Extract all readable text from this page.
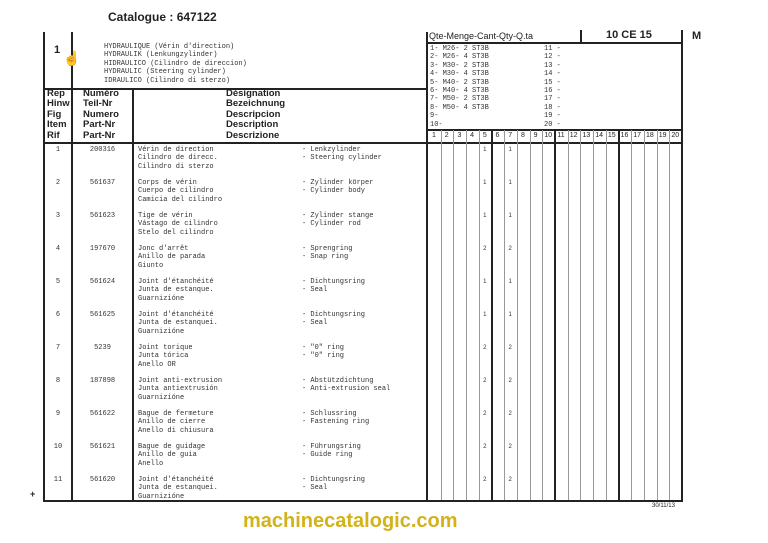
Catalogue : 647122
1 ☝
HYDRAULIQUE (Vérin d'direction)
HYDRAULIK (Lenkungzylinder)
HIDRAULICO (Cilindro de direccion)
HYDRAULIC (Steering cylinder)
IDRAULICO (Cilindro di sterzo)
Rep
Hinw
Fig
Item
Rif
Numéro
Teil-Nr
Numero
Part-Nr
Part-Nr
Désignation
Bezeichnung
Descripcion
Description
Descrizione
Qte-Menge-Cant-Qty-Q.ta	10 CE 15	M
1- M26- 2 ST3B
2- M26- 4 ST3B
3- M30- 2 ST3B
4- M30- 4 ST3B
5- M40- 2 ST3B
6- M40- 4 ST3B
7- M50- 2 ST3B
8- M50- 4 ST3B
9-
10-
11 -
12 -
13 -
14 -
15 -
16 -
17 -
18 -
19 -
20 -
1	2	3	4	5	6	7	8	9 10 11 12 13 14 15 16 17 18 19 20
1	200316	Vérin de direction
Cilindro de direcc.
Cilindro di sterzo
- Lenkzylinder
- Steering cylinder
1	1
2	561637	Corps de vérin
Cuerpo de cilindro
Camicia del cilindro
- Zylinder körper
- Cylinder body
1	1
3	561623	Tige de vérin
Vástago de cilindro
Stelo del cilindro
- Zylinder stange
- Cylinder rod
1	1
4	197670	Jonc d'arrêt
Anillo de parada
Giunto
- Sprengring
- Snap ring
2	2
5	561624	Joint d'étanchéité
Junta de estanque.
Guarnizióne
- Dichtungsring
- Seal
1	1
6	561625	Joint d'étanchéité
Junta de estanquei.
Guarnizióne
- Dichtungsring
- Seal
1	1
7	5239	Joint torique
Junta tórica
Anello OR
- "0" ring
- "0" ring
2	2
8	187898	Joint anti-extrusion
Junta antiextrusión
Guarnizióne
- Abstützdichtung
- Anti-extrusion seal
2	2
9	561622	Bague de fermeture
Anillo de cierre
Anello di chiusura
- Schlussring
- Fastening ring
2	2
10	561621	Bague de guidage
Anillo de guia
Anello
- Führungsring
- Guide ring
2	2
11	561620	Joint d'étanchéité
Junta de estanquei.
Guarnizióne
- Dichtungsring
- Seal
2	2
machinecatalogic.com
30/11/13
+
